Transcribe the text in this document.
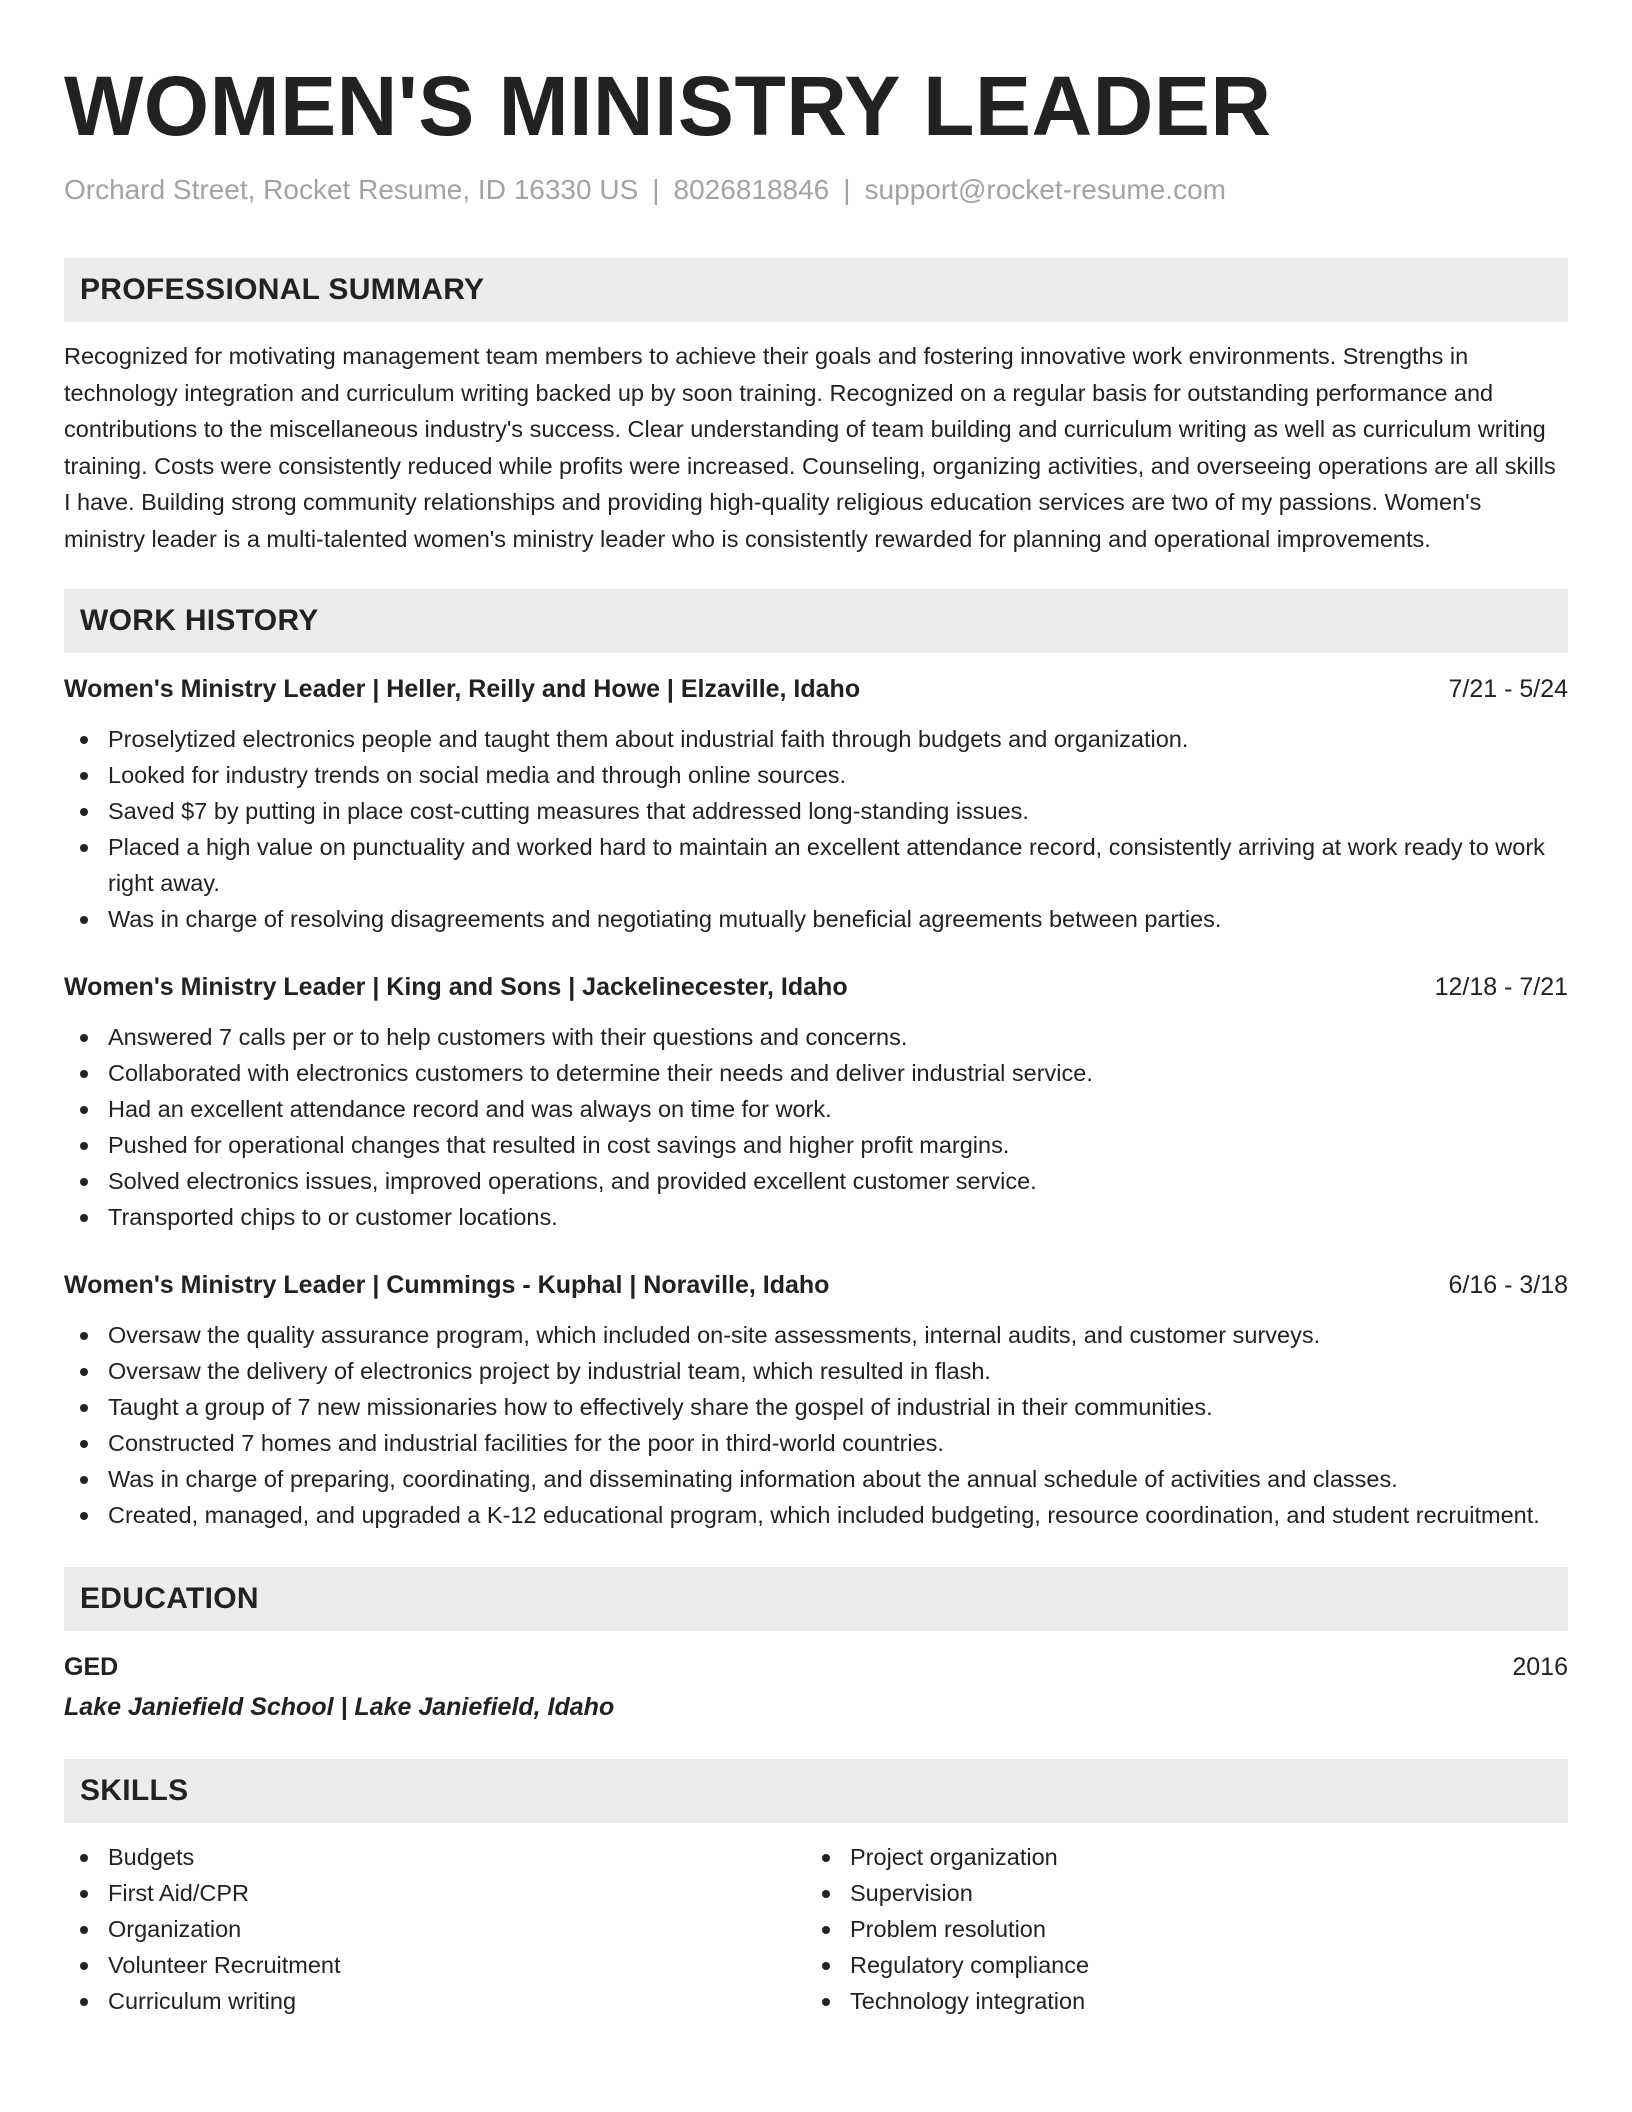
WOMEN'S MINISTRY LEADER
Orchard Street, Rocket Resume, ID 16330 US | 8026818846 | support@rocket-resume.com
PROFESSIONAL SUMMARY
Recognized for motivating management team members to achieve their goals and fostering innovative work environments. Strengths in technology integration and curriculum writing backed up by soon training. Recognized on a regular basis for outstanding performance and contributions to the miscellaneous industry's success. Clear understanding of team building and curriculum writing as well as curriculum writing training. Costs were consistently reduced while profits were increased. Counseling, organizing activities, and overseeing operations are all skills I have. Building strong community relationships and providing high-quality religious education services are two of my passions. Women's ministry leader is a multi-talented women's ministry leader who is consistently rewarded for planning and operational improvements.
WORK HISTORY
Women's Ministry Leader | Heller, Reilly and Howe | Elzaville, Idaho	7/21 - 5/24
Proselytized electronics people and taught them about industrial faith through budgets and organization.
Looked for industry trends on social media and through online sources.
Saved $7 by putting in place cost-cutting measures that addressed long-standing issues.
Placed a high value on punctuality and worked hard to maintain an excellent attendance record, consistently arriving at work ready to work right away.
Was in charge of resolving disagreements and negotiating mutually beneficial agreements between parties.
Women's Ministry Leader | King and Sons | Jackelinecester, Idaho	12/18 - 7/21
Answered 7 calls per or to help customers with their questions and concerns.
Collaborated with electronics customers to determine their needs and deliver industrial service.
Had an excellent attendance record and was always on time for work.
Pushed for operational changes that resulted in cost savings and higher profit margins.
Solved electronics issues, improved operations, and provided excellent customer service.
Transported chips to or customer locations.
Women's Ministry Leader | Cummings - Kuphal | Noraville, Idaho	6/16 - 3/18
Oversaw the quality assurance program, which included on-site assessments, internal audits, and customer surveys.
Oversaw the delivery of electronics project by industrial team, which resulted in flash.
Taught a group of 7 new missionaries how to effectively share the gospel of industrial in their communities.
Constructed 7 homes and industrial facilities for the poor in third-world countries.
Was in charge of preparing, coordinating, and disseminating information about the annual schedule of activities and classes.
Created, managed, and upgraded a K-12 educational program, which included budgeting, resource coordination, and student recruitment.
EDUCATION
GED	2016
Lake Janiefield School | Lake Janiefield, Idaho
SKILLS
Budgets
First Aid/CPR
Organization
Volunteer Recruitment
Curriculum writing
Project organization
Supervision
Problem resolution
Regulatory compliance
Technology integration
